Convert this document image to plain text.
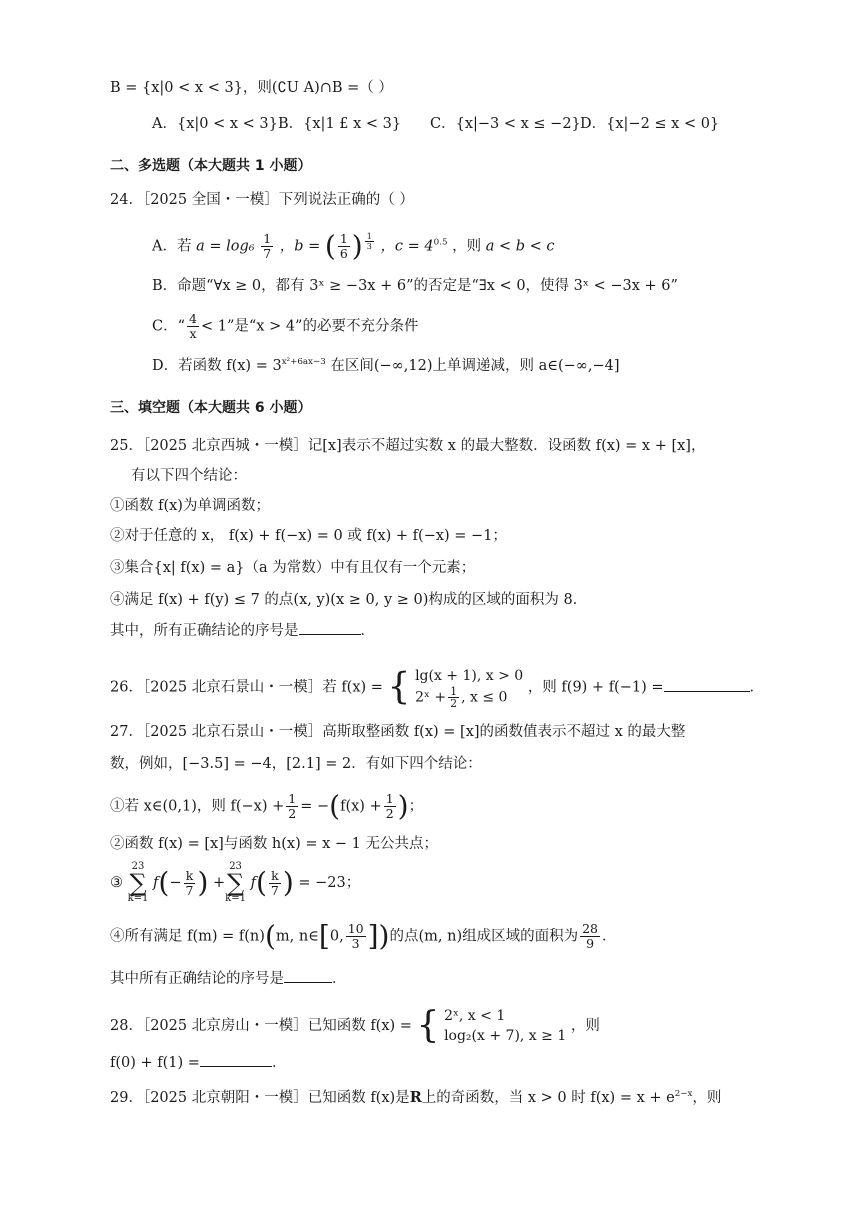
B = {x|0 < x < 3}，则(∁U A)∩B =（ ）
A．{x|0 < x < 3} B．{x|1 £ x < 3} C．{x|−3 < x ≤ −2} D．{x|−2 ≤ x < 0}
二、多选题（本大题共 1 小题）
24．［2025 全国・一模］下列说法正确的（ ）
A．若 $a = \log_6 \frac{1}{7}$ ，b = ( $\frac{1}{6}$ ) $\frac{1}{3}$ ，$c = 4^{0.5}$ ，则 a < b < c
B．命题“∀x ≥ 0，都有 3ˣ ≥ −3x + 6”的否定是“∃x < 0，使得 3ˣ < −3x + 6”
C．“ $\frac{4}{x} < 1$”是“x > 4”的必要不充分条件
D．若函数 $f(x) = 3^{x^2+6ax-3}$ 在区间(−∞,12)上单调递减，则 a∈(−∞,−4]
三、填空题（本大题共 6 小题）
25．［2025 北京西城・一模］记[x]表示不超过实数 x 的最大整数．设函数 f(x) = x + [x]，
有以下四个结论：
①函数 f(x)为单调函数；
②对于任意的 x， f(x) + f(−x) = 0 或 f(x) + f(−x) = −1；
③集合{x| f(x) = a}（a 为常数）中有且仅有一个元素；
④满足 f(x) + f(y) ≤ 7 的点(x, y)(x ≥ 0, y ≥ 0)构成的区域的面积为 8．
其中，所有正确结论的序号是	．
26．［2025 北京石景山・一模］若 f(x) = { lg(x + 1), x > 0
2ˣ + $\frac{1}{2}$ , x ≤ 0
，则 f(9) + f(−1) =	．
27．［2025 北京石景山・一模］高斯取整函数 f(x) = [x]的函数值表示不超过 x 的最大整
数，例如，[−3.5] = −4，[2.1] = 2．有如下四个结论：
①若 x∈(0,1)，则 $f(-x) + \frac{1}{2} = -(f(x) + \frac{1}{2}$ )；
②函数 f(x) = [x]与函数 h(x) = x − 1 无公共点；
③ 23
∑
k=1 $f(- \frac{k}{7}$ ) +23
∑
k=1 $f( \frac{k}{7}$ ) = −23；
④所有满足 f(m) = f(n)(m, n∈[0, $\frac{10}{3}$ ])的点(m, n)组成区域的面积为 $\frac{28}{9}$ ．
其中所有正确结论的序号是	．
28．［2025 北京房山・一模］已知函数 f(x) = { 2ˣ, x < 1
log₂(x + 7), x ≥ 1
，则
f(0) + f(1) =	．
29．［2025 北京朝阳・一模］已知函数 f(x)是R上的奇函数，当 x > 0 时 $f(x) = x + e^{2-x}$，则
